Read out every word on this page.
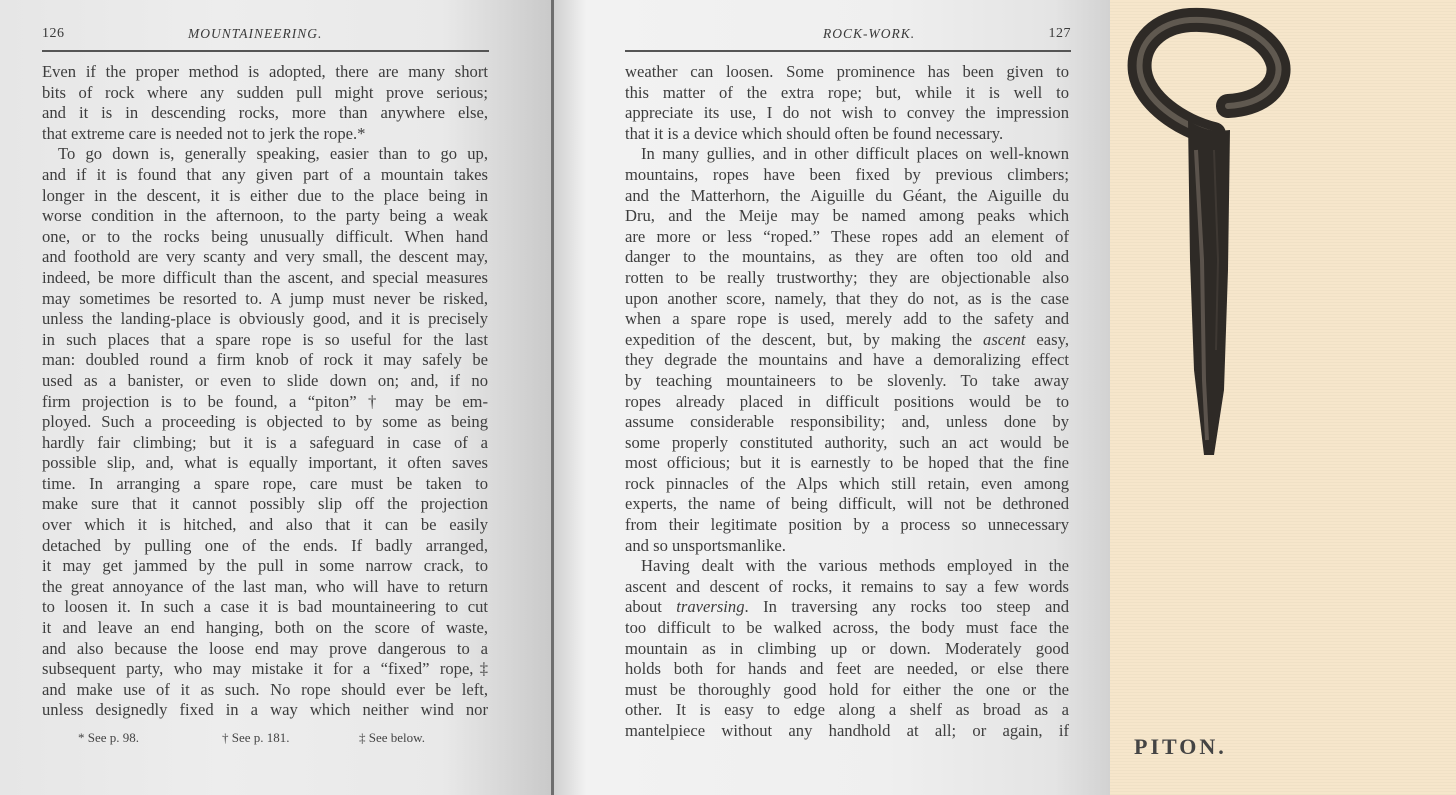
126	MOUNTAINEERING.
Even if the proper method is adopted, there are many short
bits of rock where any sudden pull might prove serious;
and it is in descending rocks, more than anywhere else,
that extreme care is needed not to jerk the rope.*
To go down is, generally speaking, easier than to go up,
and if it is found that any given part of a mountain takes
longer in the descent, it is either due to the place being in
worse condition in the afternoon, to the party being a weak
one, or to the rocks being unusually difficult. When hand
and foothold are very scanty and very small, the descent may,
indeed, be more difficult than the ascent, and special measures
may sometimes be resorted to. A jump must never be risked,
unless the landing-place is obviously good, and it is precisely
in such places that a spare rope is so useful for the last
man: doubled round a firm knob of rock it may safely be
used as a banister, or even to slide down on; and, if no
firm projection is to be found, a “piton” † may be em-
ployed. Such a proceeding is objected to by some as being
hardly fair climbing; but it is a safeguard in case of a
possible slip, and, what is equally important, it often saves
time. In arranging a spare rope, care must be taken to
make sure that it cannot possibly slip off the projection
over which it is hitched, and also that it can be easily
detached by pulling one of the ends. If badly arranged,
it may get jammed by the pull in some narrow crack, to
the great annoyance of the last man, who will have to return
to loosen it. In such a case it is bad mountaineering to cut
it and leave an end hanging, both on the score of waste,
and also because the loose end may prove dangerous to a
subsequent party, who may mistake it for a “fixed” rope,‡
and make use of it as such. No rope should ever be left,
unless designedly fixed in a way which neither wind nor
* See p. 98.	† See p. 181.	‡ See below.
ROCK-WORK.	127
weather can loosen. Some prominence has been given to
this matter of the extra rope; but, while it is well to
appreciate its use, I do not wish to convey the impression
that it is a device which should often be found necessary.
In many gullies, and in other difficult places on well-known
mountains, ropes have been fixed by previous climbers;
and the Matterhorn, the Aiguille du Géant, the Aiguille du
Dru, and the Meije may be named among peaks which
are more or less “roped.” These ropes add an element of
danger to the mountains, as they are often too old and
rotten to be really trustworthy; they are objectionable also
upon another score, namely, that they do not, as is the case
when a spare rope is used, merely add to the safety and
expedition of the descent, but, by making the ascent easy,
they degrade the mountains and have a demoralizing effect
by teaching mountaineers to be slovenly. To take away
ropes already placed in difficult positions would be to
assume considerable responsibility; and, unless done by
some properly constituted authority, such an act would be
most officious; but it is earnestly to be hoped that the fine
rock pinnacles of the Alps which still retain, even among
experts, the name of being difficult, will not be dethroned
from their legitimate position by a process so unnecessary
and so unsportsmanlike.
Having dealt with the various methods employed in the
ascent and descent of rocks, it remains to say a few words
about traversing. In traversing any rocks too steep and
too difficult to be walked across, the body must face the
mountain as in climbing up or down. Moderately good
holds both for hands and feet are needed, or else there
must be thoroughly good hold for either the one or the
other. It is easy to edge along a shelf as broad as a
mantelpiece without any handhold at all; or again, if
PITON.
